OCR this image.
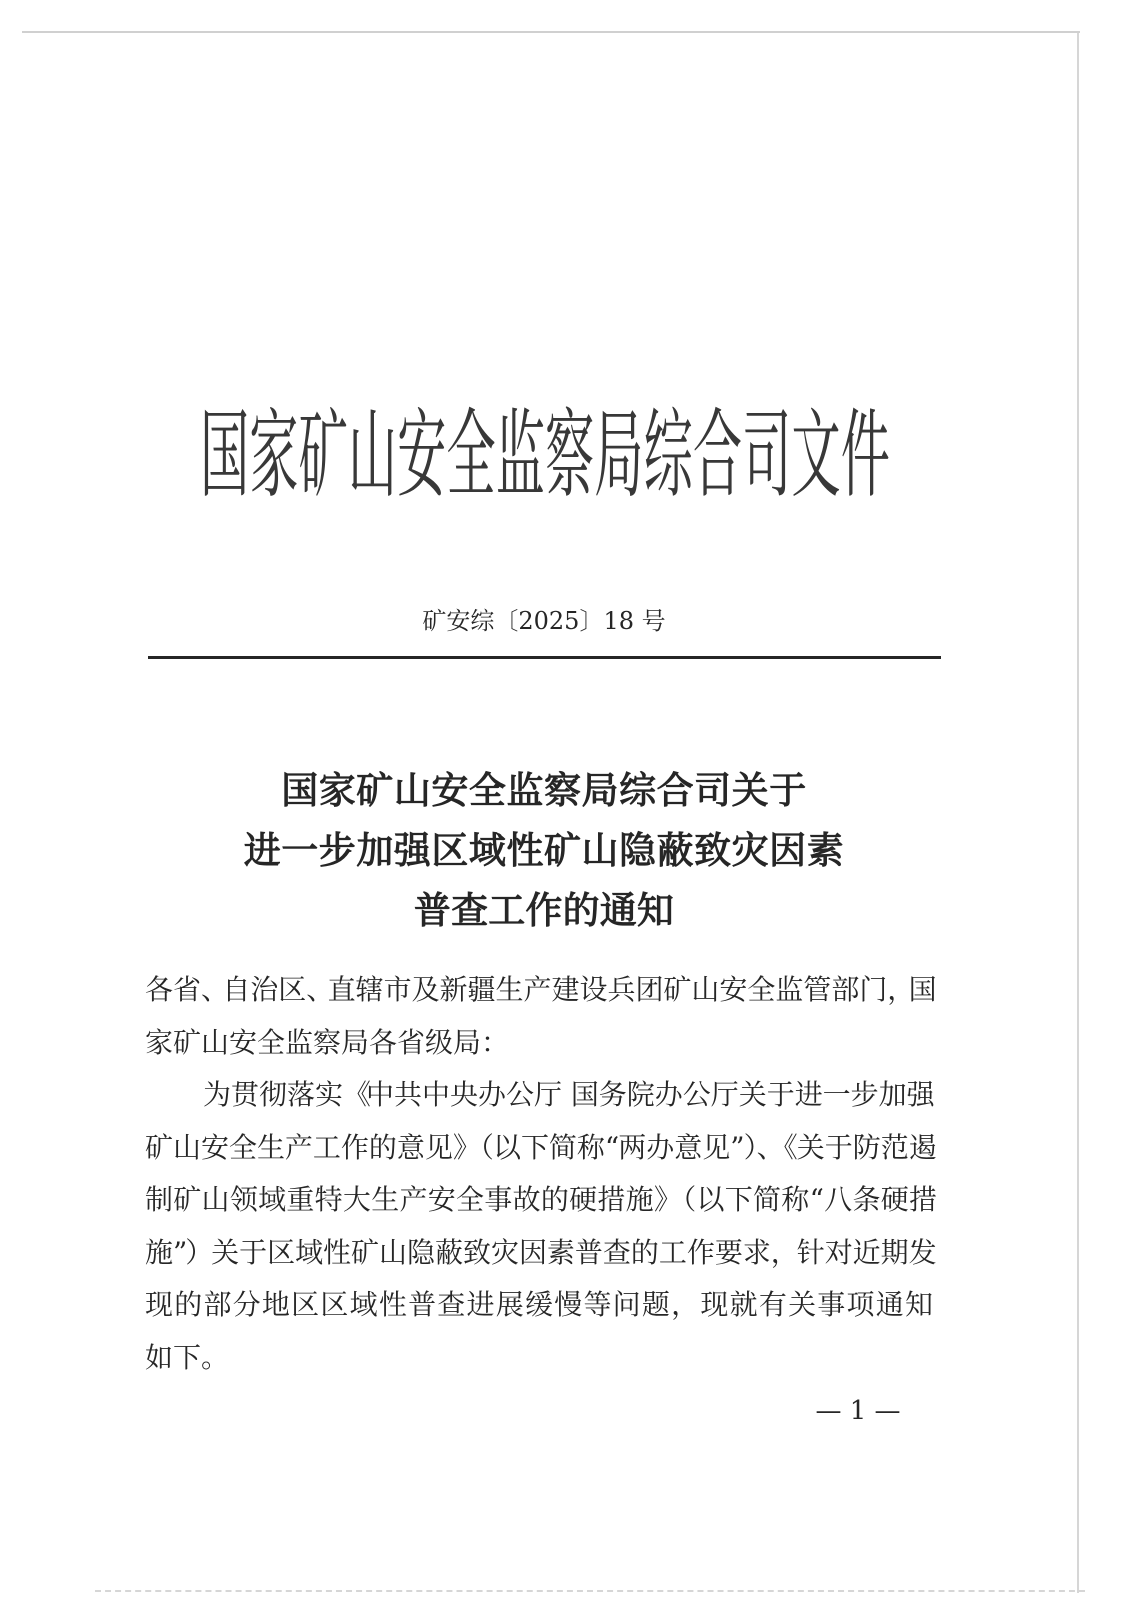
国家矿山安全监察局综合司文件
矿安综〔2025〕18 号
国家矿山安全监察局综合司关于
进一步加强区域性矿山隐蔽致灾因素
普查工作的通知
各省、自治区、直辖市及新疆生产建设兵团矿山安全监管部门，国
家矿山安全监察局各省级局：
为贯彻落实《中共中央办公厅 国务院办公厅关于进一步加强
矿山安全生产工作的意见》（以下简称“两办意见”）、《关于防范遏
制矿山领域重特大生产安全事故的硬措施》（以下简称“八条硬措
施”）关于区域性矿山隐蔽致灾因素普查的工作要求，针对近期发
现的部分地区区域性普查进展缓慢等问题，现就有关事项通知
如下。
— 1 —
